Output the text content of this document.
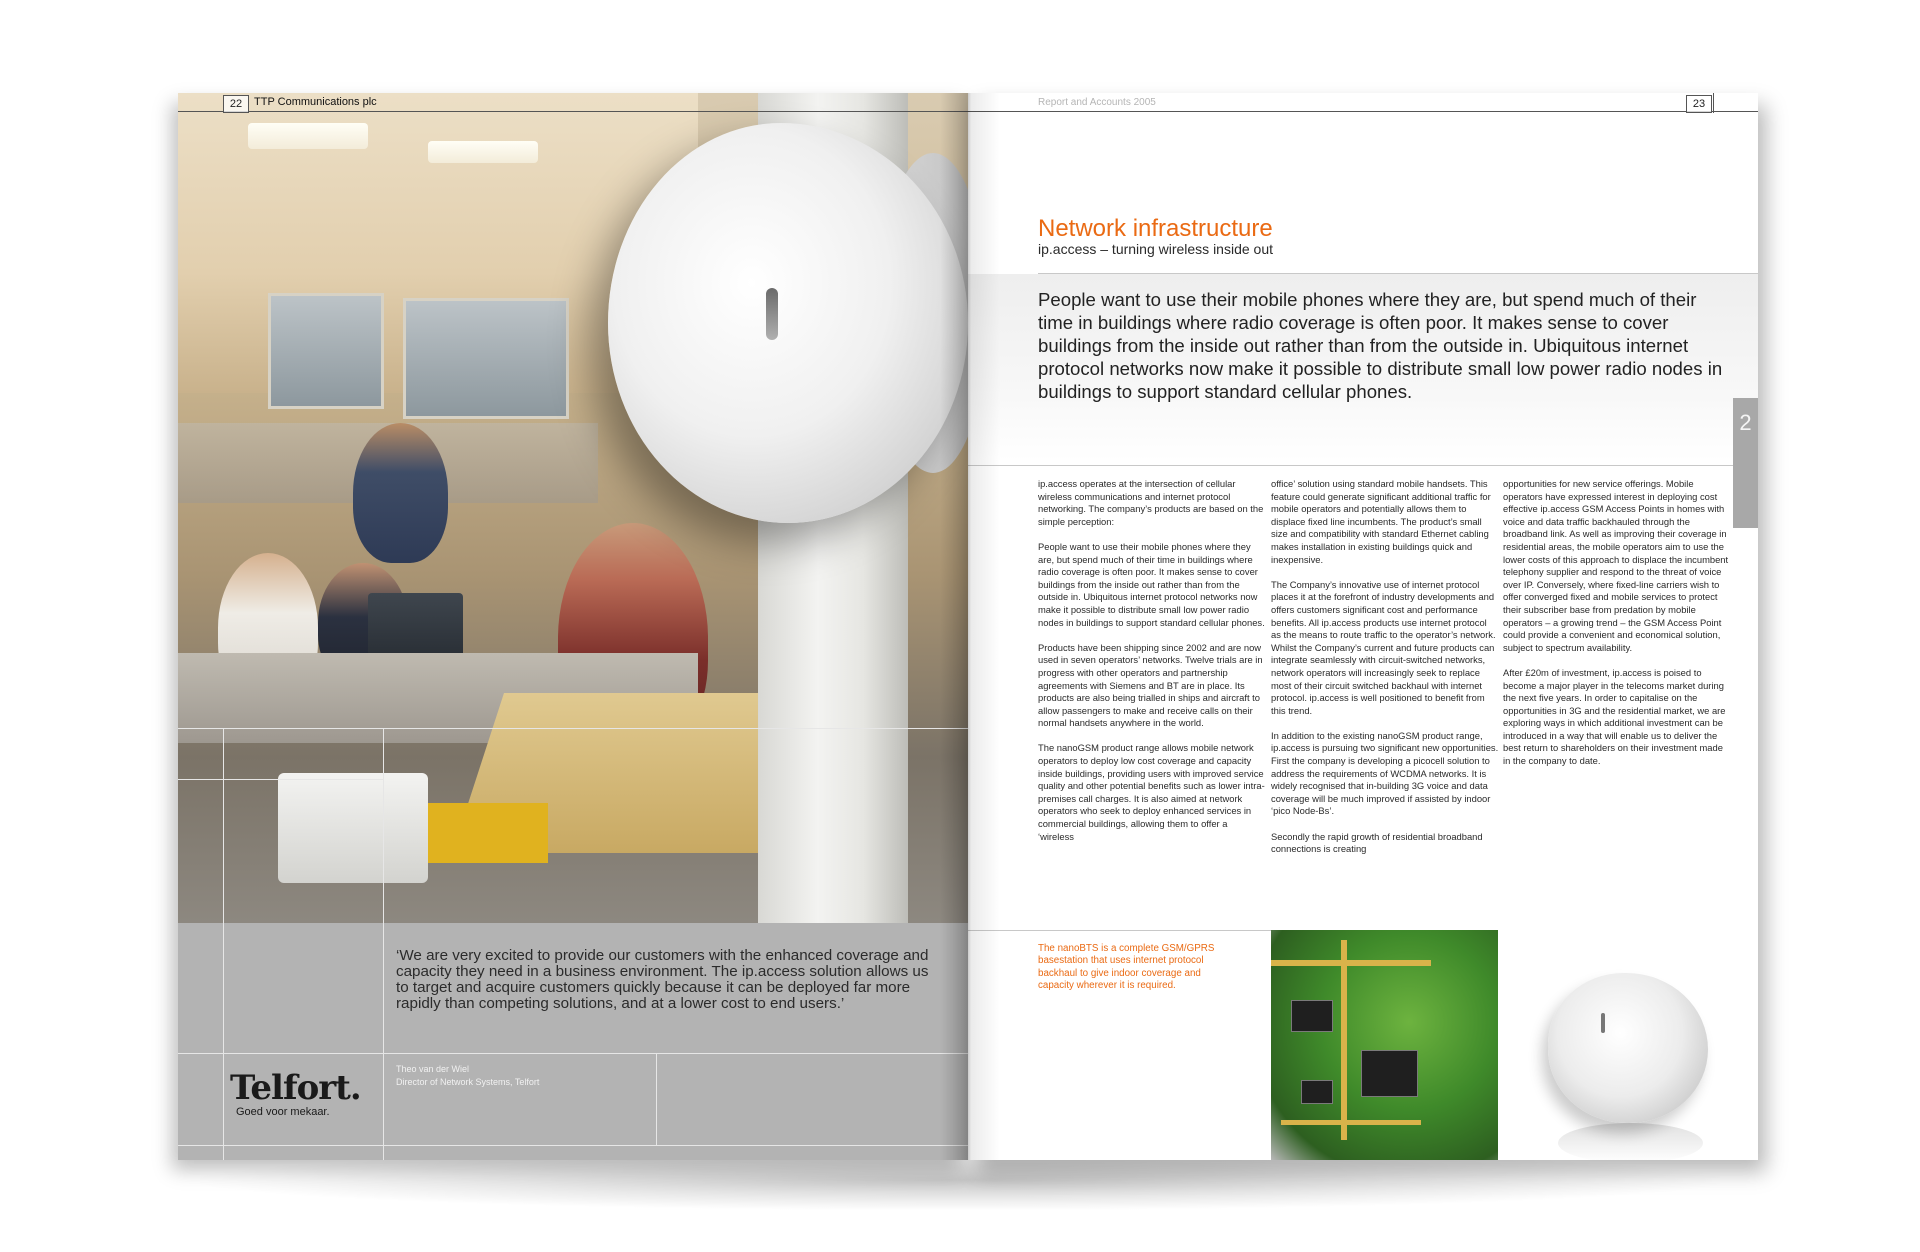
22	TTP Communications plc
‘We are very excited to provide our customers with the enhanced coverage and capacity they need in a business environment. The ip.access solution allows us to target and acquire customers quickly because it can be deployed far more rapidly than competing solutions, and at a lower cost to end users.’
Theo van der Wiel
Director of Network Systems, Telfort
Telfort.
Goed voor mekaar.
Report and Accounts 2005	23
Network infrastructure
ip.access – turning wireless inside out
People want to use their mobile phones where they are, but spend much of their time in buildings where radio coverage is often poor. It makes sense to cover buildings from the inside out rather than from the outside in. Ubiquitous internet protocol networks now make it possible to distribute small low power radio nodes in buildings to support standard cellular phones.
2

ip.access operates at the intersection of cellular wireless communications and internet protocol networking. The company’s products are based on the simple perception:

People want to use their mobile phones where they are, but spend much of their time in buildings where radio coverage is often poor. It makes sense to cover buildings from the inside out rather than from the outside in. Ubiquitous internet protocol networks now make it possible to distribute small low power radio nodes in buildings to support standard cellular phones.

Products have been shipping since 2002 and are now used in seven operators’ networks. Twelve trials are in progress with other operators and partnership agreements with Siemens and BT are in place. Its products are also being trialled in ships and aircraft to allow passengers to make and receive calls on their normal handsets anywhere in the world.

The nanoGSM product range allows mobile network operators to deploy low cost coverage and capacity inside buildings, providing users with improved service quality and other potential benefits such as lower intra-premises call charges. It is also aimed at network operators who seek to deploy enhanced services in commercial buildings, allowing them to offer a ‘wireless

office’ solution using standard mobile handsets. This feature could generate significant additional traffic for mobile operators and potentially allows them to displace fixed line incumbents. The product’s small size and compatibility with standard Ethernet cabling makes installation in existing buildings quick and inexpensive.

The Company’s innovative use of internet protocol places it at the forefront of industry developments and offers customers significant cost and performance benefits. All ip.access products use internet protocol as the means to route traffic to the operator’s network. Whilst the Company’s current and future products can integrate seamlessly with circuit-switched networks, network operators will increasingly seek to replace most of their circuit switched backhaul with internet protocol. ip.access is well positioned to benefit from this trend.

In addition to the existing nanoGSM product range, ip.access is pursuing two significant new opportunities. First the company is developing a picocell solution to address the requirements of WCDMA networks. It is widely recognised that in-building 3G voice and data coverage will be much improved if assisted by indoor ‘pico Node-Bs’.

Secondly the rapid growth of residential broadband connections is creating

opportunities for new service offerings. Mobile operators have expressed interest in deploying cost effective ip.access GSM Access Points in homes with voice and data traffic backhauled through the broadband link. As well as improving their coverage in residential areas, the mobile operators aim to use the lower costs of this approach to displace the incumbent telephony supplier and respond to the threat of voice over IP. Conversely, where fixed-line carriers wish to offer converged fixed and mobile services to protect their subscriber base from predation by mobile operators – a growing trend – the GSM Access Point could provide a convenient and economical solution, subject to spectrum availability.

After £20m of investment, ip.access is poised to become a major player in the telecoms market during the next five years. In order to capitalise on the opportunities in 3G and the residential market, we are exploring ways in which additional investment can be introduced in a way that will enable us to deliver the best return to shareholders on their investment made in the company to date.

The nanoBTS is a complete GSM/GPRS basestation that uses internet protocol backhaul to give indoor coverage and capacity wherever it is required.
